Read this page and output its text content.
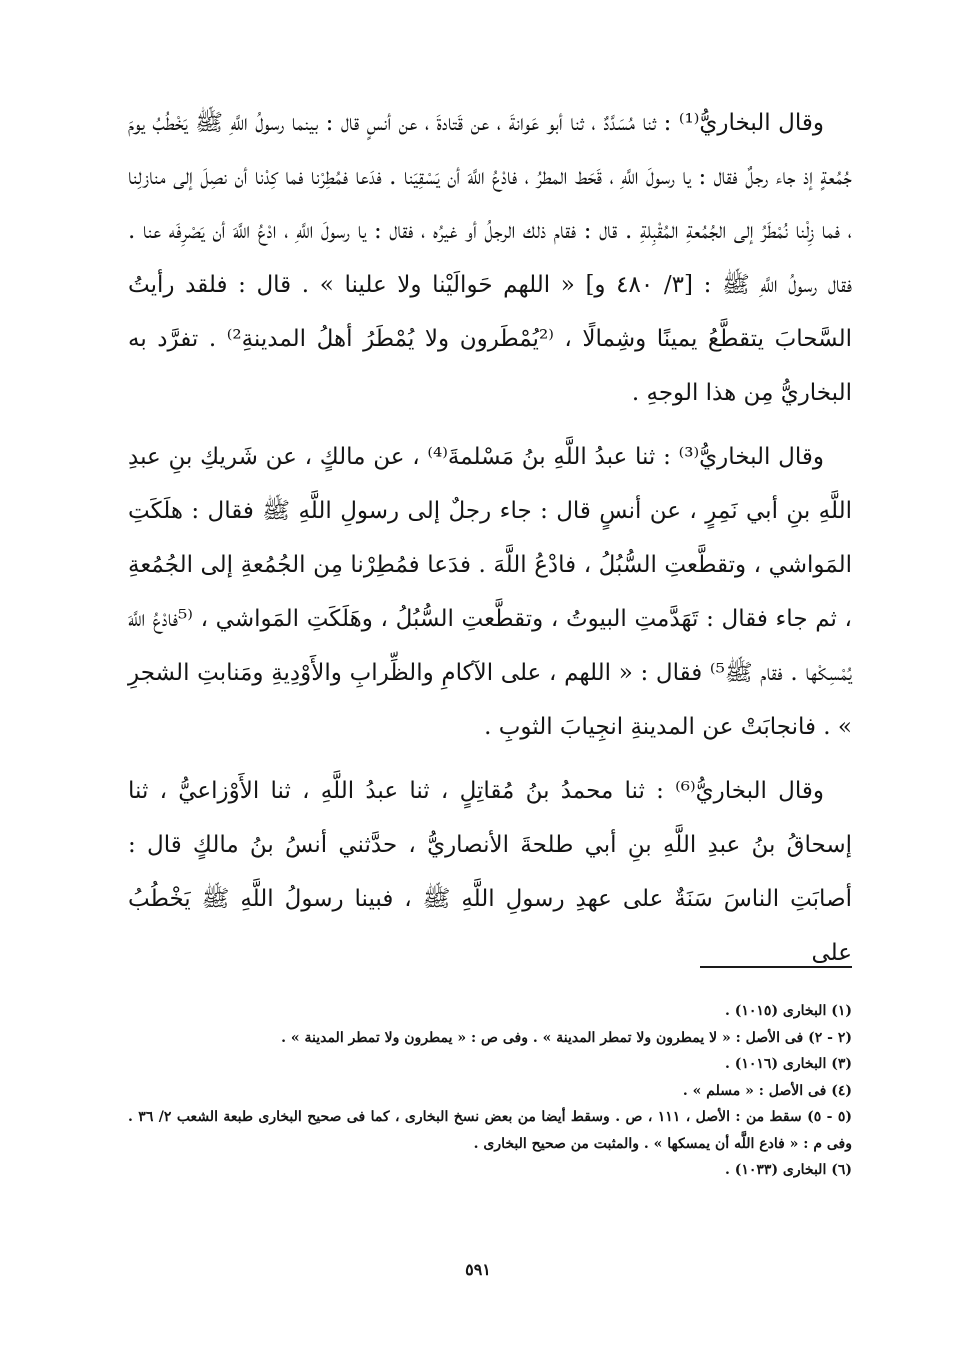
وقال البخاريُّ⁽¹⁾ : ثنا مُسَدَّدٌ ، ثنا أبو عَوانةَ ، عن قَتادةَ ، عن أنسٍ قال : بينما رسولُ اللَّهِ ﷺ يَخْطُبُ يومَ جُمُعةٍ إذ جاء رجلٌ فقال : يا رسولَ اللَّهِ ، قَحَط المطرُ ، فادْعُ اللَّهَ أن يَسْقِيَنا . فدَعا فمُطِرْنا فما كِدْنا أن نصِلَ إلى منازلِنا ، فما زِلْنا نُمْطَرُ إلى الجُمُعةِ المُقْبِلةِ . قال : فقام ذلك الرجلُ أو غيرُه ، فقال : يا رسولَ اللَّهِ ، ادْعُ اللَّهَ أن يَصْرِفَه عنا . فقال رسولُ اللَّهِ ﷺ : [٣/ ٤٨٠ و] « اللهم حَوالَيْنا ولا علينا » . قال : فلقد رأيتُ السَّحابَ يتقطَّعُ يمينًا وشِمالًا ، ⁽²يُمْطَرون ولا يُمْطَرُ أهلُ المدينةِ²⁾ . تفرَّد به البخاريُّ مِن هذا الوجهِ .

وقال البخاريُّ⁽³⁾ : ثنا عبدُ اللَّهِ بنُ مَسْلمةَ⁽⁴⁾ ، عن مالكٍ ، عن شَريكِ بنِ عبدِ اللَّهِ بنِ أبي نَمِرٍ ، عن أنسٍ قال : جاء رجلٌ إلى رسولِ اللَّهِ ﷺ فقال : هلَكَتِ المَواشي ، وتقطَّعتِ السُّبُلُ ، فادْعُ اللَّهَ . فدَعا فمُطِرْنا مِن الجُمُعةِ إلى الجُمُعةِ ، ثم جاء فقال : تَهَدَّمتِ البيوتُ ، وتقطَّعتِ السُّبُلُ ، وهَلَكَتِ المَواشي ، ⁽⁵فادْعُ اللَّهَ يُمْسِكْها . فقام ﷺ⁵⁾ فقال : « اللهم ، على الآكامِ والظِّرابِ والأَوْدِيةِ ومَنابتِ الشجرِ » . فانجابَتْ عن المدينةِ انجِيابَ الثوبِ .

وقال البخاريُّ⁽⁶⁾ : ثنا محمدُ بنُ مُقاتِلٍ ، ثنا عبدُ اللَّهِ ، ثنا الأَوْزاعيُّ ، ثنا إسحاقُ بنُ عبدِ اللَّهِ بنِ أبي طلحةَ الأنصاريُّ ، حدَّثني أنسُ بنُ مالكٍ قال : أصابَتِ الناسَ سَنَةٌ على عهدِ رسولِ اللَّهِ ﷺ ، فبينا رسولُ اللَّهِ ﷺ يَخْطُبُ على

(١) البخارى (١٠١٥) .

(٢ - ٢) فى الأصل : « لا يمطرون ولا تمطر المدينة » . وفى ص : « يمطرون ولا تمطر المدينة » .

(٣) البخارى (١٠١٦) .

(٤) فى الأصل : « مسلم » .

(٥ - ٥) سقط من : الأصل ، ١١١ ، ص . وسقط أيضا من بعض نسخ البخارى ، كما فى صحيح البخارى طبعة الشعب ٢/ ٣٦ . وفى م : « فادع اللَّه أن يمسكها » . والمثبت من صحيح البخارى .

(٦) البخارى (١٠٣٣) .

٥٩١
